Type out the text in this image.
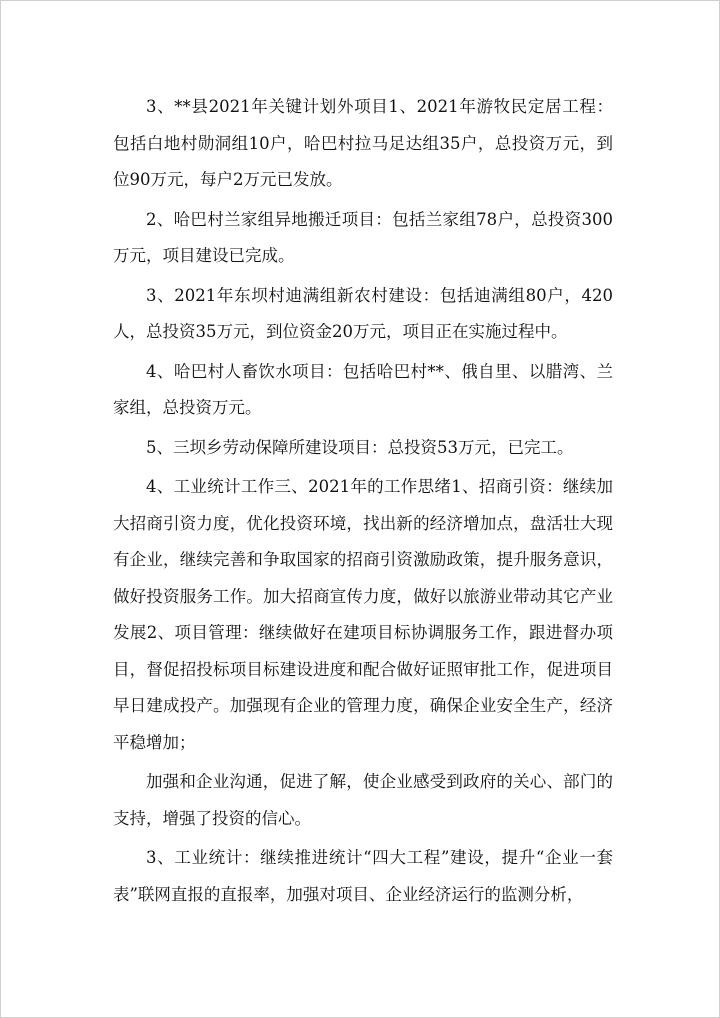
3、**县2021年关键计划外项目1、2021年游牧民定居工程：包括白地村勋洞组10户，哈巴村拉马足达组35户，总投资万元，到位90万元，每户2万元已发放。

2、哈巴村兰家组异地搬迁项目：包括兰家组78户，总投资300万元，项目建设已完成。

3、2021年东坝村迪满组新农村建设：包括迪满组80户，420人，总投资35万元，到位资金20万元，项目正在实施过程中。

4、哈巴村人畜饮水项目：包括哈巴村**、俄自里、以腊湾、兰家组，总投资万元。

5、三坝乡劳动保障所建设项目：总投资53万元，已完工。

4、工业统计工作三、2021年的工作思绪1、招商引资：继续加大招商引资力度，优化投资环境，找出新的经济增加点，盘活壮大现有企业，继续完善和争取国家的招商引资激励政策，提升服务意识，做好投资服务工作。加大招商宣传力度，做好以旅游业带动其它产业发展2、项目管理：继续做好在建项目标协调服务工作，跟进督办项目，督促招投标项目标建设进度和配合做好证照审批工作，促进项目早日建成投产。加强现有企业的管理力度，确保企业安全生产，经济平稳增加；

加强和企业沟通，促进了解，使企业感受到政府的关心、部门的支持，增强了投资的信心。

3、工业统计：继续推进统计“四大工程”建设，提升“企业一套表”联网直报的直报率，加强对项目、企业经济运行的监测分析，
